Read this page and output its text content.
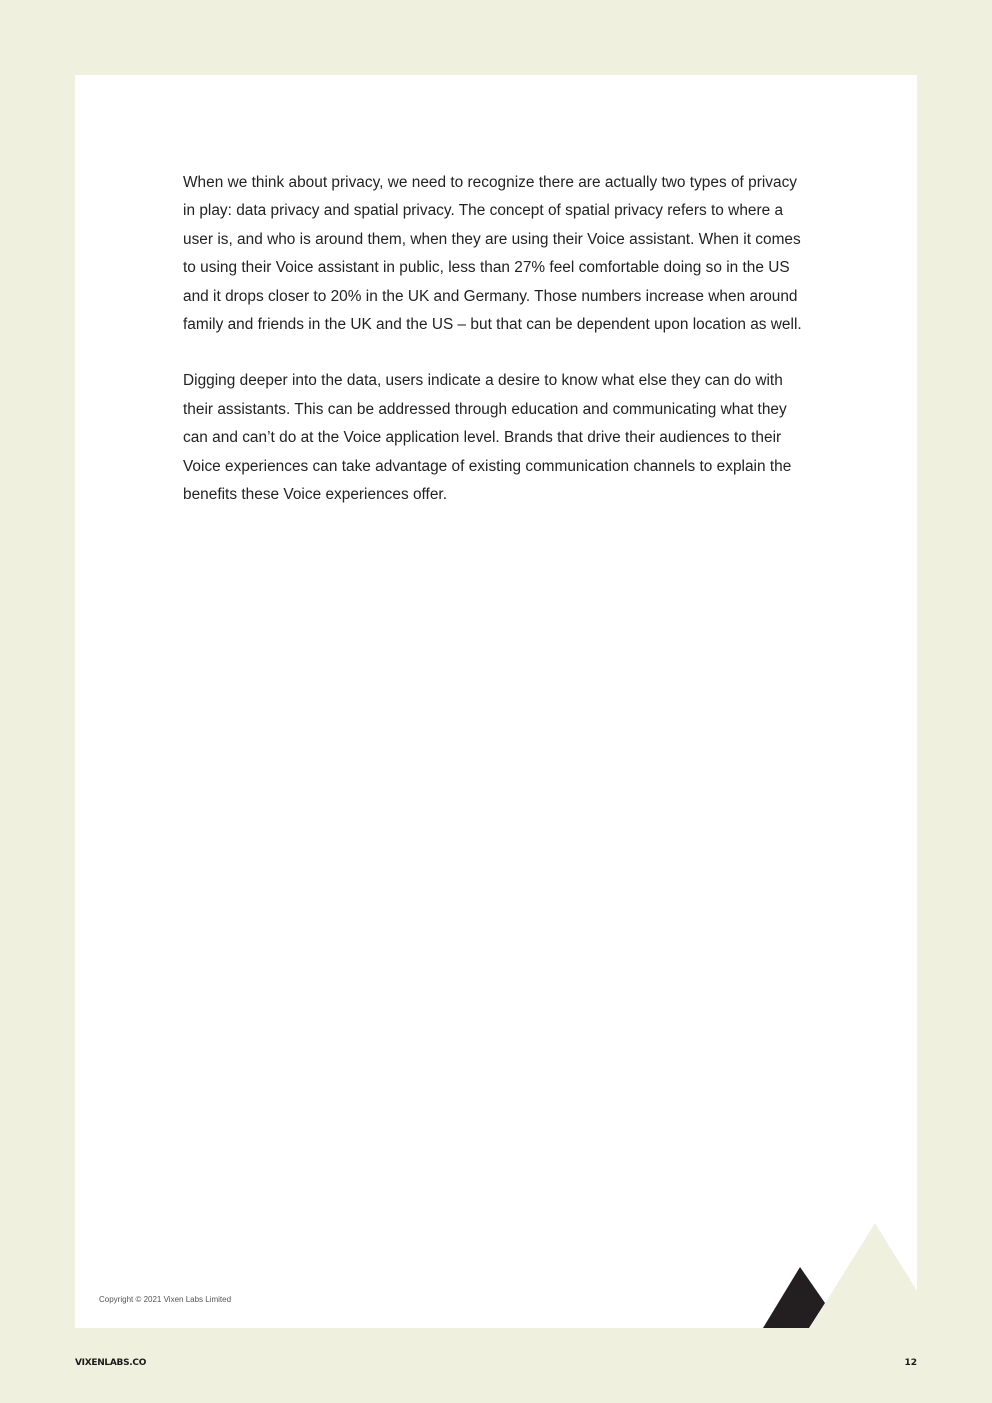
When we think about privacy, we need to recognize there are actually two types of privacy in play: data privacy and spatial privacy. The concept of spatial privacy refers to where a user is, and who is around them, when they are using their Voice assistant. When it comes to using their Voice assistant in public, less than 27% feel comfortable doing so in the US and it drops closer to 20% in the UK and Germany. Those numbers increase when around family and friends in the UK and the US – but that can be dependent upon location as well.

Digging deeper into the data, users indicate a desire to know what else they can do with their assistants. This can be addressed through education and communicating what they can and can’t do at the Voice application level. Brands that drive their audiences to their Voice experiences can take advantage of existing communication channels to explain the benefits these Voice experiences offer.

Copyright © 2021 Vixen Labs Limited
VIXENLABS.CO	12
